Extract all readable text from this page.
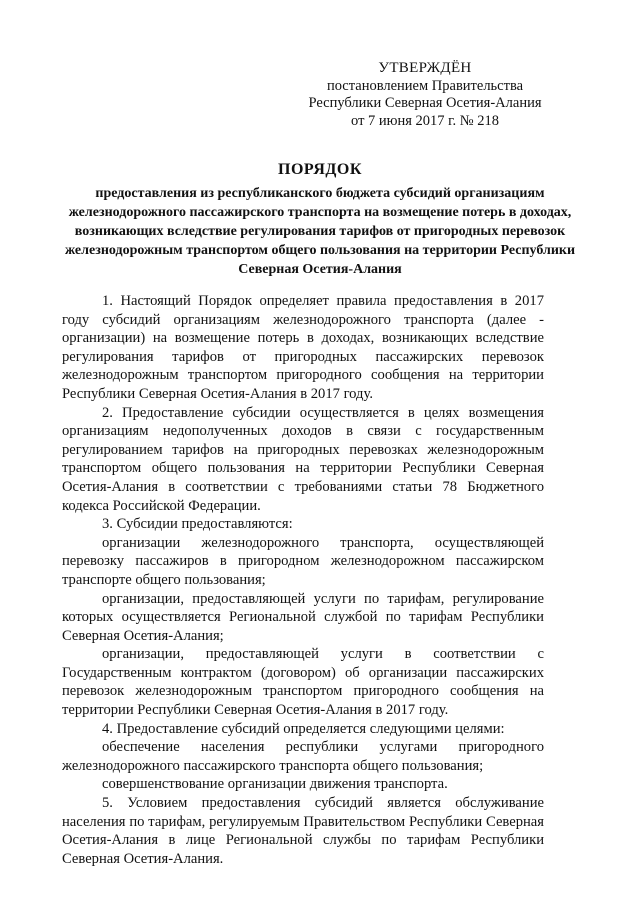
УТВЕРЖДЁН
постановлением Правительства
Республики Северная Осетия-Алания
от 7 июня 2017 г. № 218
ПОРЯДОК
предоставления из республиканского бюджета субсидий организациям железнодорожного пассажирского транспорта на возмещение потерь в доходах, возникающих вследствие регулирования тарифов от пригородных перевозок железнодорожным транспортом общего пользования на территории Республики Северная Осетия-Алания

1. Настоящий Порядок определяет правила предоставления в 2017 году субсидий организациям железнодорожного транспорта (далее - организации) на возмещение потерь в доходах, возникающих вследствие регулирования тарифов от пригородных пассажирских перевозок железнодорожным транспортом пригородного сообщения на территории Республики Северная Осетия-Алания в 2017 году.

2. Предоставление субсидии осуществляется в целях возмещения организациям недополученных доходов в связи с государственным регулированием тарифов на пригородных перевозках железнодорожным транспортом общего пользования на территории Республики Северная Осетия-Алания в соответствии с требованиями статьи 78 Бюджетного кодекса Российской Федерации.

3. Субсидии предоставляются:

организации железнодорожного транспорта, осуществляющей перевозку пассажиров в пригородном железнодорожном пассажирском транспорте общего пользования;

организации, предоставляющей услуги по тарифам, регулирование которых осуществляется Региональной службой по тарифам Республики Северная Осетия-Алания;

организации, предоставляющей услуги в соответствии с Государственным контрактом (договором) об организации пассажирских перевозок железнодорожным транспортом пригородного сообщения на территории Республики Северная Осетия-Алания в 2017 году.

4. Предоставление субсидий определяется следующими целями:

обеспечение населения республики услугами пригородного железнодорожного пассажирского транспорта общего пользования;

совершенствование организации движения транспорта.

5. Условием предоставления субсидий является обслуживание населения по тарифам, регулируемым Правительством Республики Северная Осетия-Алания в лице Региональной службы по тарифам Республики Северная Осетия-Алания.
